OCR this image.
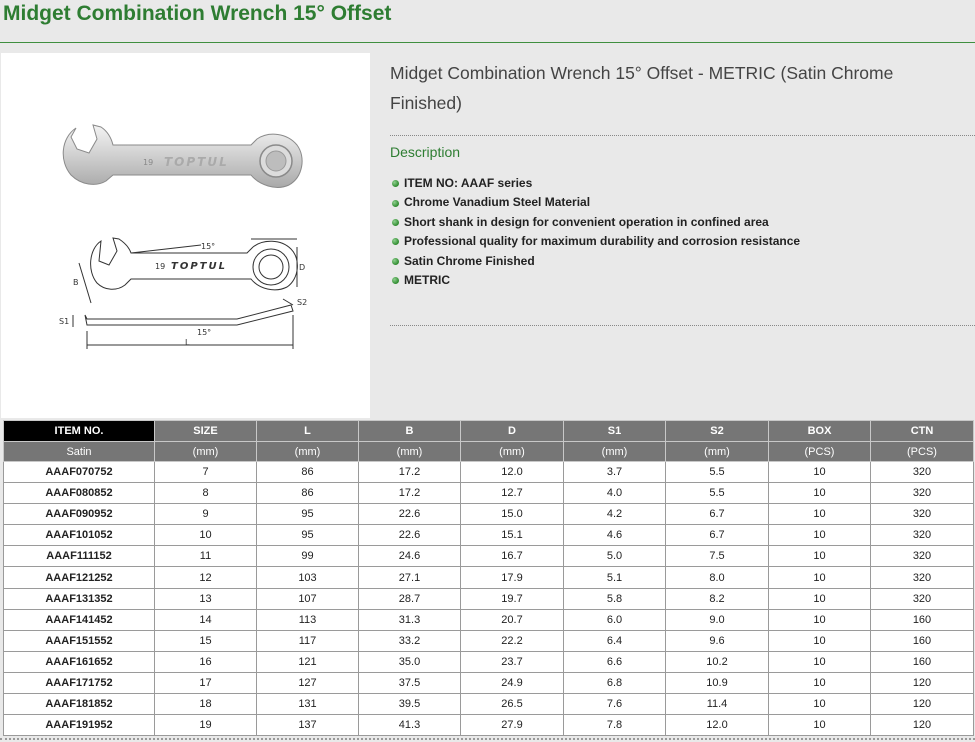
Midget Combination Wrench 15° Offset
19 TOPTUL
15°
19 TOPTUL
B
D
S1
S2
15°
L
Midget Combination Wrench 15° Offset - METRIC (Satin Chrome Finished)
Description
ITEM NO: AAAF series
Chrome Vanadium Steel Material
Short shank in design for convenient operation in confined area
Professional quality for maximum durability and corrosion resistance
Satin Chrome Finished
METRIC
ITEM NO.	SIZE	L	B	D	S1	S2	BOX	CTN
Satin	(mm)	(mm)	(mm)	(mm)	(mm)	(mm)	(PCS)	(PCS)
AAAF070752	7	86	17.2	12.0	3.7	5.5	10	320
AAAF080852	8	86	17.2	12.7	4.0	5.5	10	320
AAAF090952	9	95	22.6	15.0	4.2	6.7	10	320
AAAF101052	10	95	22.6	15.1	4.6	6.7	10	320
AAAF111152	11	99	24.6	16.7	5.0	7.5	10	320
AAAF121252	12	103	27.1	17.9	5.1	8.0	10	320
AAAF131352	13	107	28.7	19.7	5.8	8.2	10	320
AAAF141452	14	113	31.3	20.7	6.0	9.0	10	160
AAAF151552	15	117	33.2	22.2	6.4	9.6	10	160
AAAF161652	16	121	35.0	23.7	6.6	10.2	10	160
AAAF171752	17	127	37.5	24.9	6.8	10.9	10	120
AAAF181852	18	131	39.5	26.5	7.6	11.4	10	120
AAAF191952	19	137	41.3	27.9	7.8	12.0	10	120
